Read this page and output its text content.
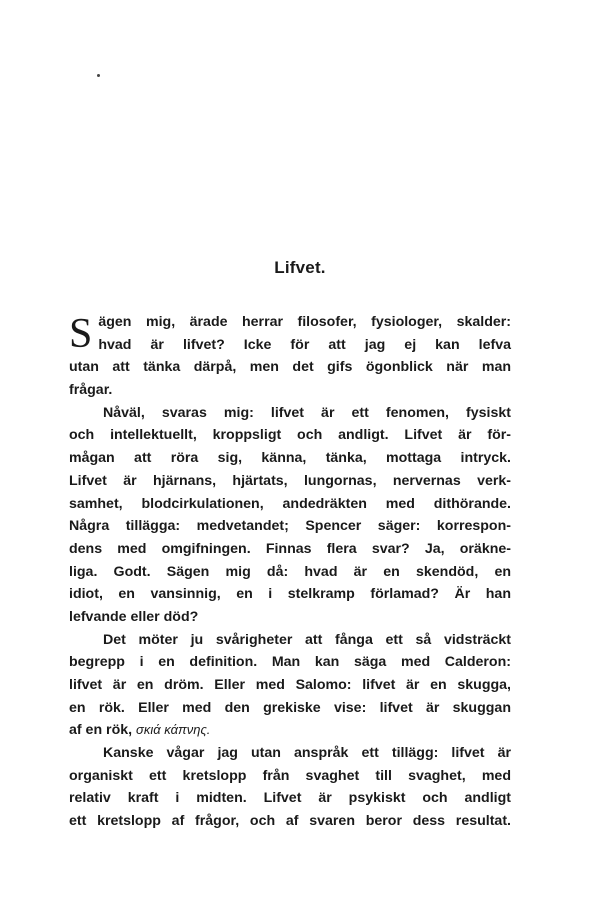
Lifvet.

S ägen mig, ärade herrar filosofer, fysiologer, skalder:
hvad är lifvet? Icke för att jag ej kan lefva
utan att tänka därpå, men det gifs ögonblick när man
frågar.

Nåväl, svaras mig: lifvet är ett fenomen, fysiskt
och intellektuellt, kroppsligt och andligt. Lifvet är för-
mågan att röra sig, känna, tänka, mottaga intryck.
Lifvet är hjärnans, hjärtats, lungornas, nervernas verk-
samhet, blodcirkulationen, andedräkten med dithörande.
Några tillägga: medvetandet; Spencer säger: korrespon-
dens med omgifningen. Finnas flera svar? Ja, oräkne-
liga. Godt. Sägen mig då: hvad är en skendöd, en
idiot, en vansinnig, en i stelkramp förlamad? Är han
lefvande eller död?

Det möter ju svårigheter att fånga ett så vidsträckt
begrepp i en definition. Man kan säga med Calderon:
lifvet är en dröm. Eller med Salomo: lifvet är en skugga,
en rök. Eller med den grekiske vise: lifvet är skuggan
af en rök, σκιά κάπνης.

Kanske vågar jag utan anspråk ett tillägg: lifvet är
organiskt ett kretslopp från svaghet till svaghet, med
relativ kraft i midten. Lifvet är psykiskt och andligt
ett kretslopp af frågor, och af svaren beror dess resultat.
